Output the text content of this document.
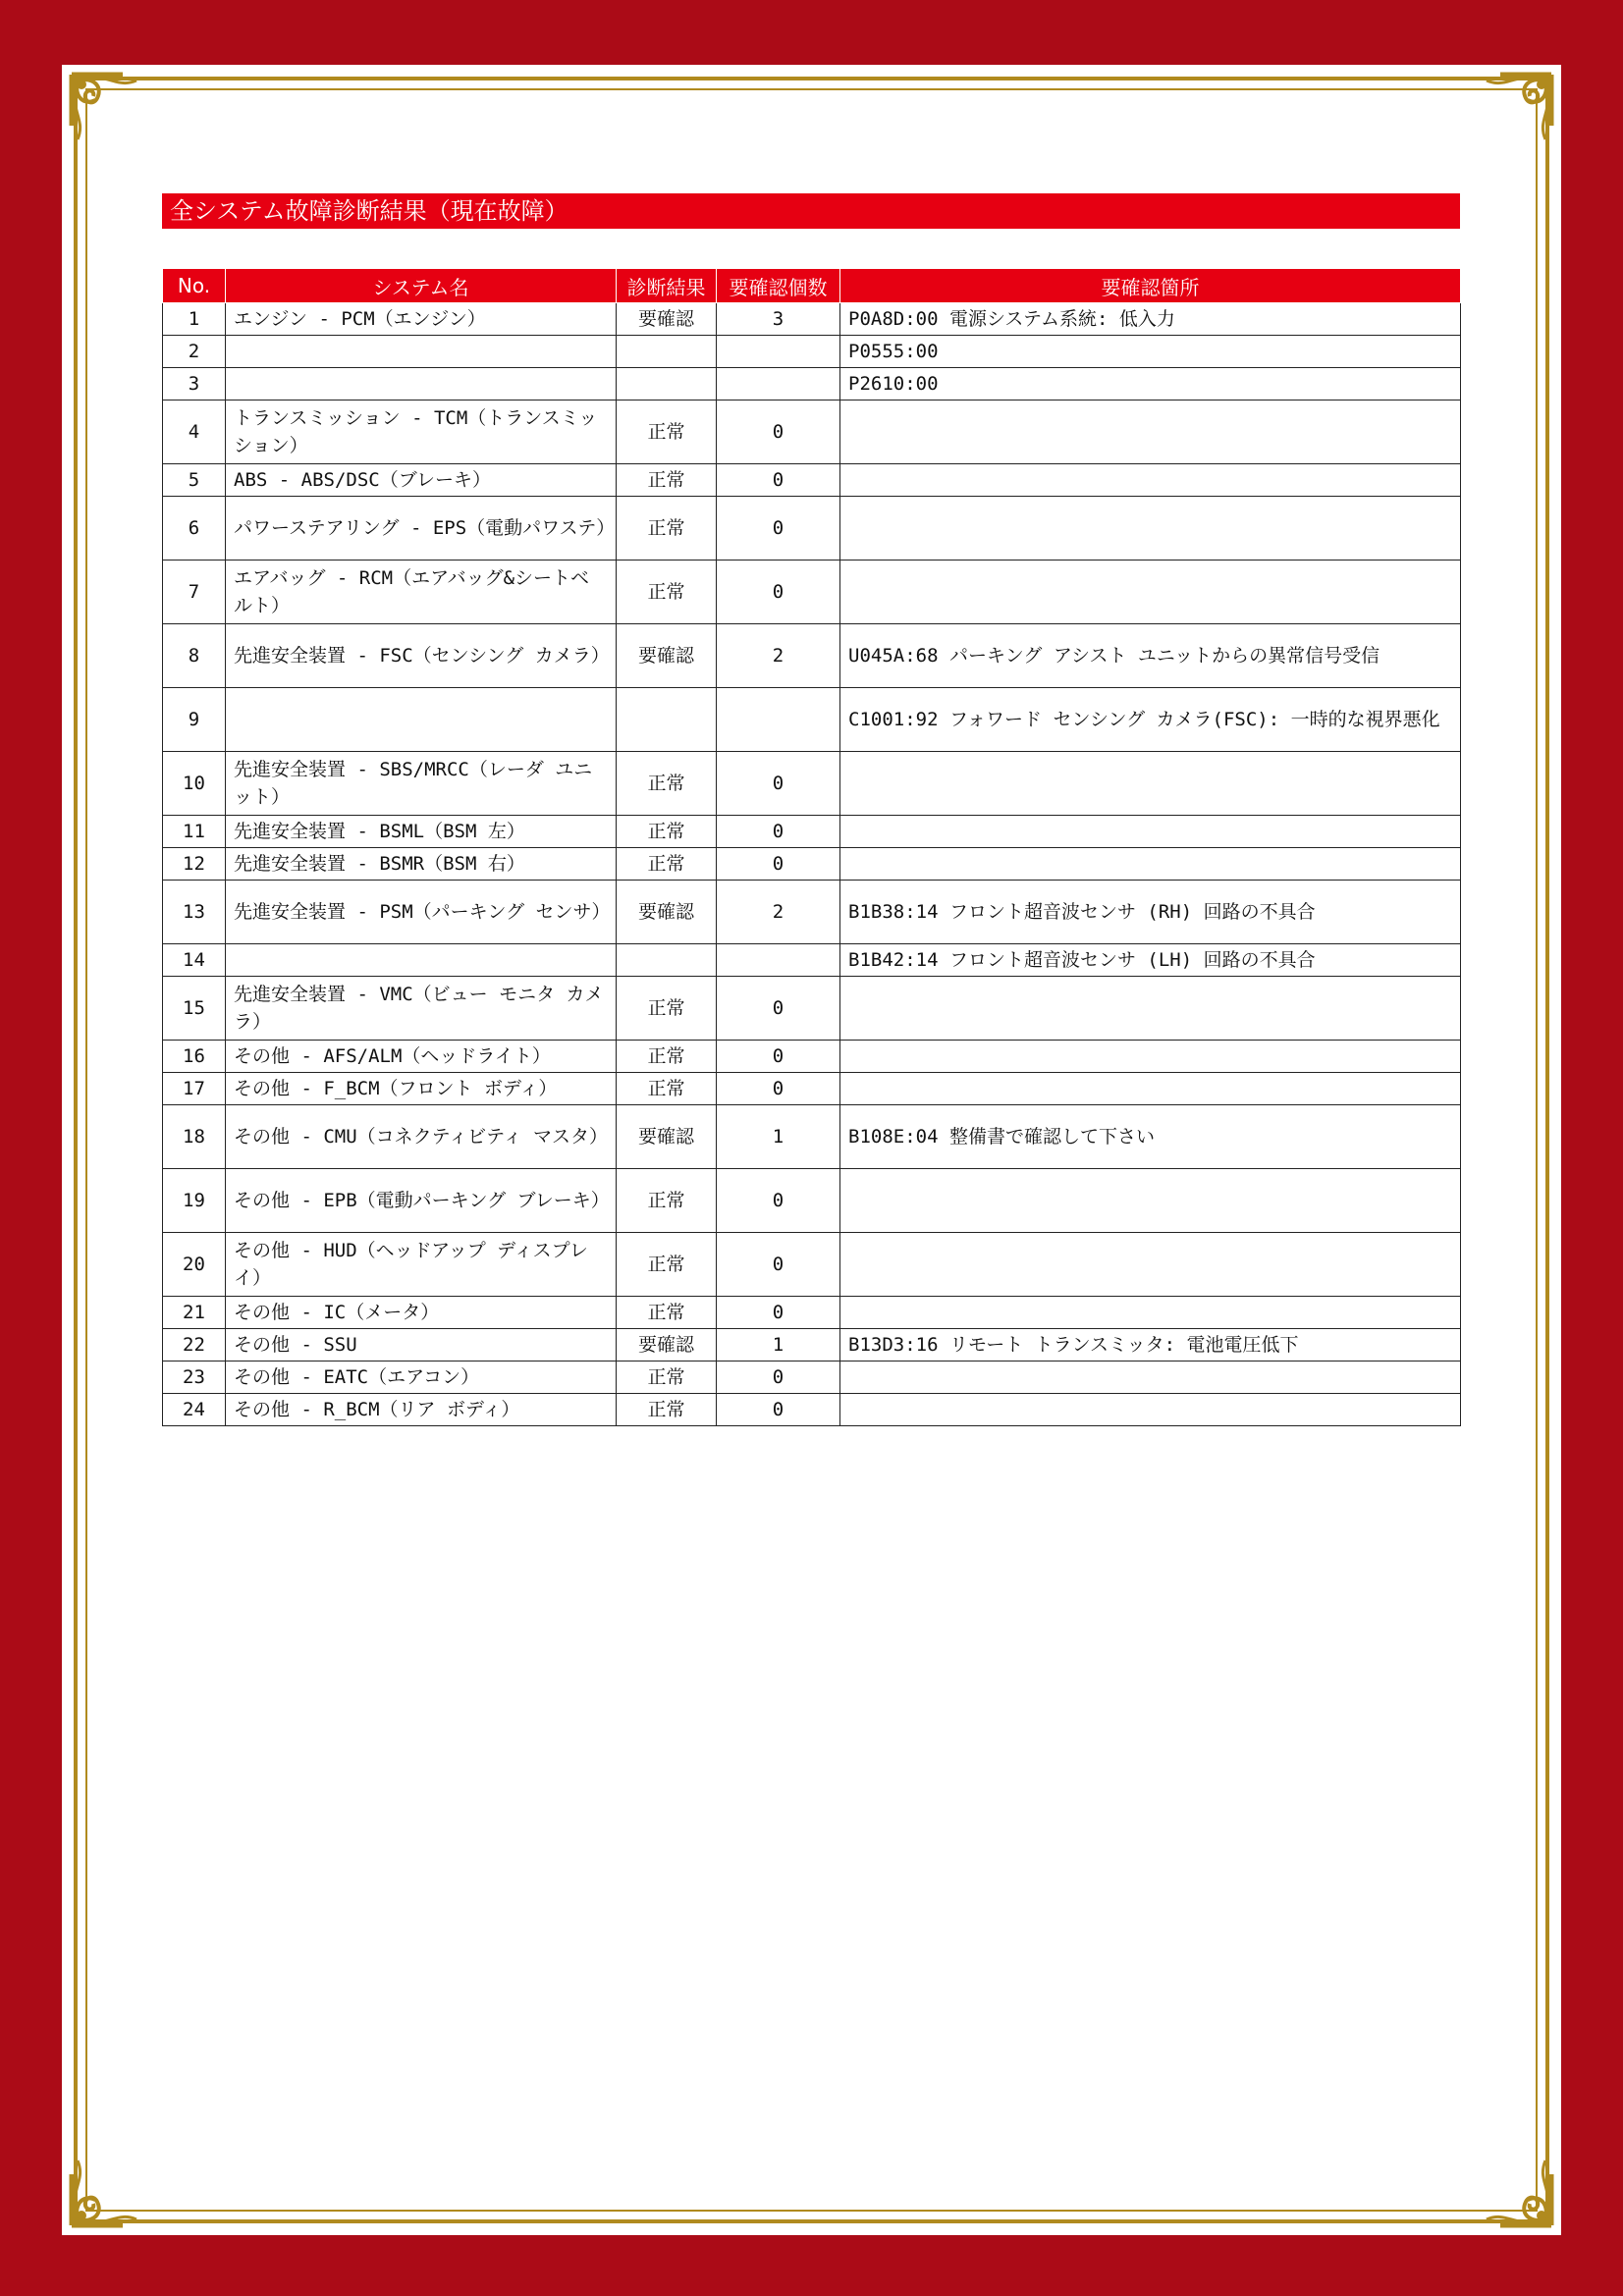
全システム故障診断結果（現在故障）
No.	システム名	診断結果	要確認個数	要確認箇所
1	エンジン - PCM（エンジン）	要確認	3	P0A8D:00 電源システム系統: 低入力
2				P0555:00
3				P2610:00
4	トランスミッション - TCM（トランスミッション）	正常	0	
5	ABS - ABS/DSC（ブレーキ）	正常	0	
6	パワーステアリング - EPS（電動パワステ）	正常	0	
7	エアバッグ - RCM（エアバッグ&シートベルト）	正常	0	
8	先進安全装置 - FSC（センシング カメラ）	要確認	2	U045A:68 パーキング アシスト ユニットからの異常信号受信
9				C1001:92 フォワード センシング カメラ(FSC): 一時的な視界悪化
10	先進安全装置 - SBS/MRCC（レーダ ユニット）	正常	0	
11	先進安全装置 - BSML（BSM 左）	正常	0	
12	先進安全装置 - BSMR（BSM 右）	正常	0	
13	先進安全装置 - PSM（パーキング センサ）	要確認	2	B1B38:14 フロント超音波センサ (RH) 回路の不具合
14				B1B42:14 フロント超音波センサ (LH) 回路の不具合
15	先進安全装置 - VMC（ビュー モニタ カメラ）	正常	0	
16	その他 - AFS/ALM（ヘッドライト）	正常	0	
17	その他 - F_BCM（フロント ボディ）	正常	0	
18	その他 - CMU（コネクティビティ マスタ）	要確認	1	B108E:04 整備書で確認して下さい
19	その他 - EPB（電動パーキング ブレーキ）	正常	0	
20	その他 - HUD（ヘッドアップ ディスプレイ）	正常	0	
21	その他 - IC（メータ）	正常	0	
22	その他 - SSU	要確認	1	B13D3:16 リモート トランスミッタ: 電池電圧低下
23	その他 - EATC（エアコン）	正常	0	
24	その他 - R_BCM（リア ボディ）	正常	0	
